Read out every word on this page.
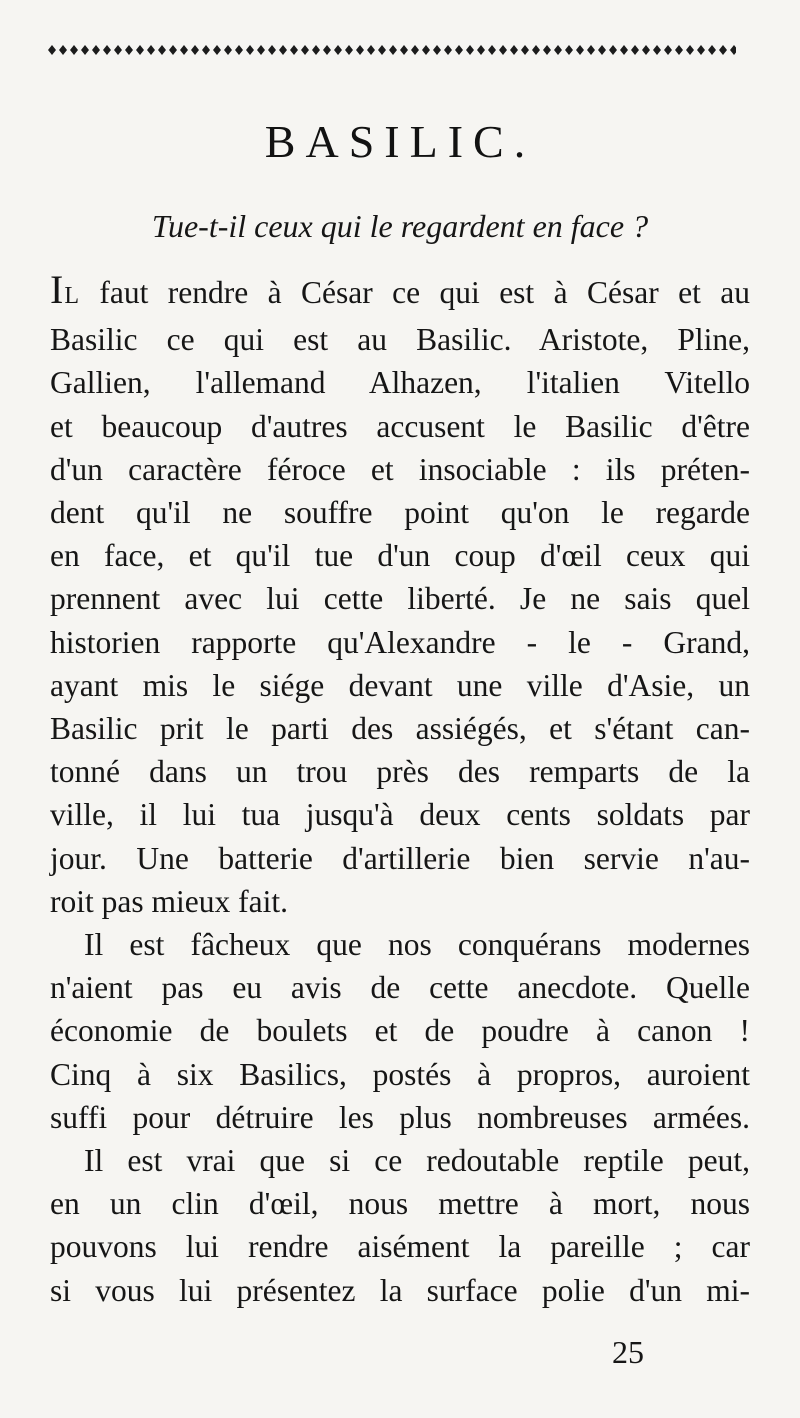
BASILIC.
Tue-t-il ceux qui le regardent en face ?
IL faut rendre à César ce qui est à César et au
Basilic ce qui est au Basilic. Aristote, Pline,
Gallien, l'allemand Alhazen, l'italien Vitello
et beaucoup d'autres accusent le Basilic d'être
d'un caractère féroce et insociable : ils préten-
dent qu'il ne souffre point qu'on le regarde
en face, et qu'il tue d'un coup d'œil ceux qui
prennent avec lui cette liberté. Je ne sais quel
historien rapporte qu'Alexandre - le - Grand,
ayant mis le siége devant une ville d'Asie, un
Basilic prit le parti des assiégés, et s'étant can-
tonné dans un trou près des remparts de la
ville, il lui tua jusqu'à deux cents soldats par
jour. Une batterie d'artillerie bien servie n'au-
roit pas mieux fait.
Il est fâcheux que nos conquérans modernes
n'aient pas eu avis de cette anecdote. Quelle
économie de boulets et de poudre à canon !
Cinq à six Basilics, postés à propros, auroient
suffi pour détruire les plus nombreuses armées.
Il est vrai que si ce redoutable reptile peut,
en un clin d'œil, nous mettre à mort, nous
pouvons lui rendre aisément la pareille ; car
si vous lui présentez la surface polie d'un mi-
25
